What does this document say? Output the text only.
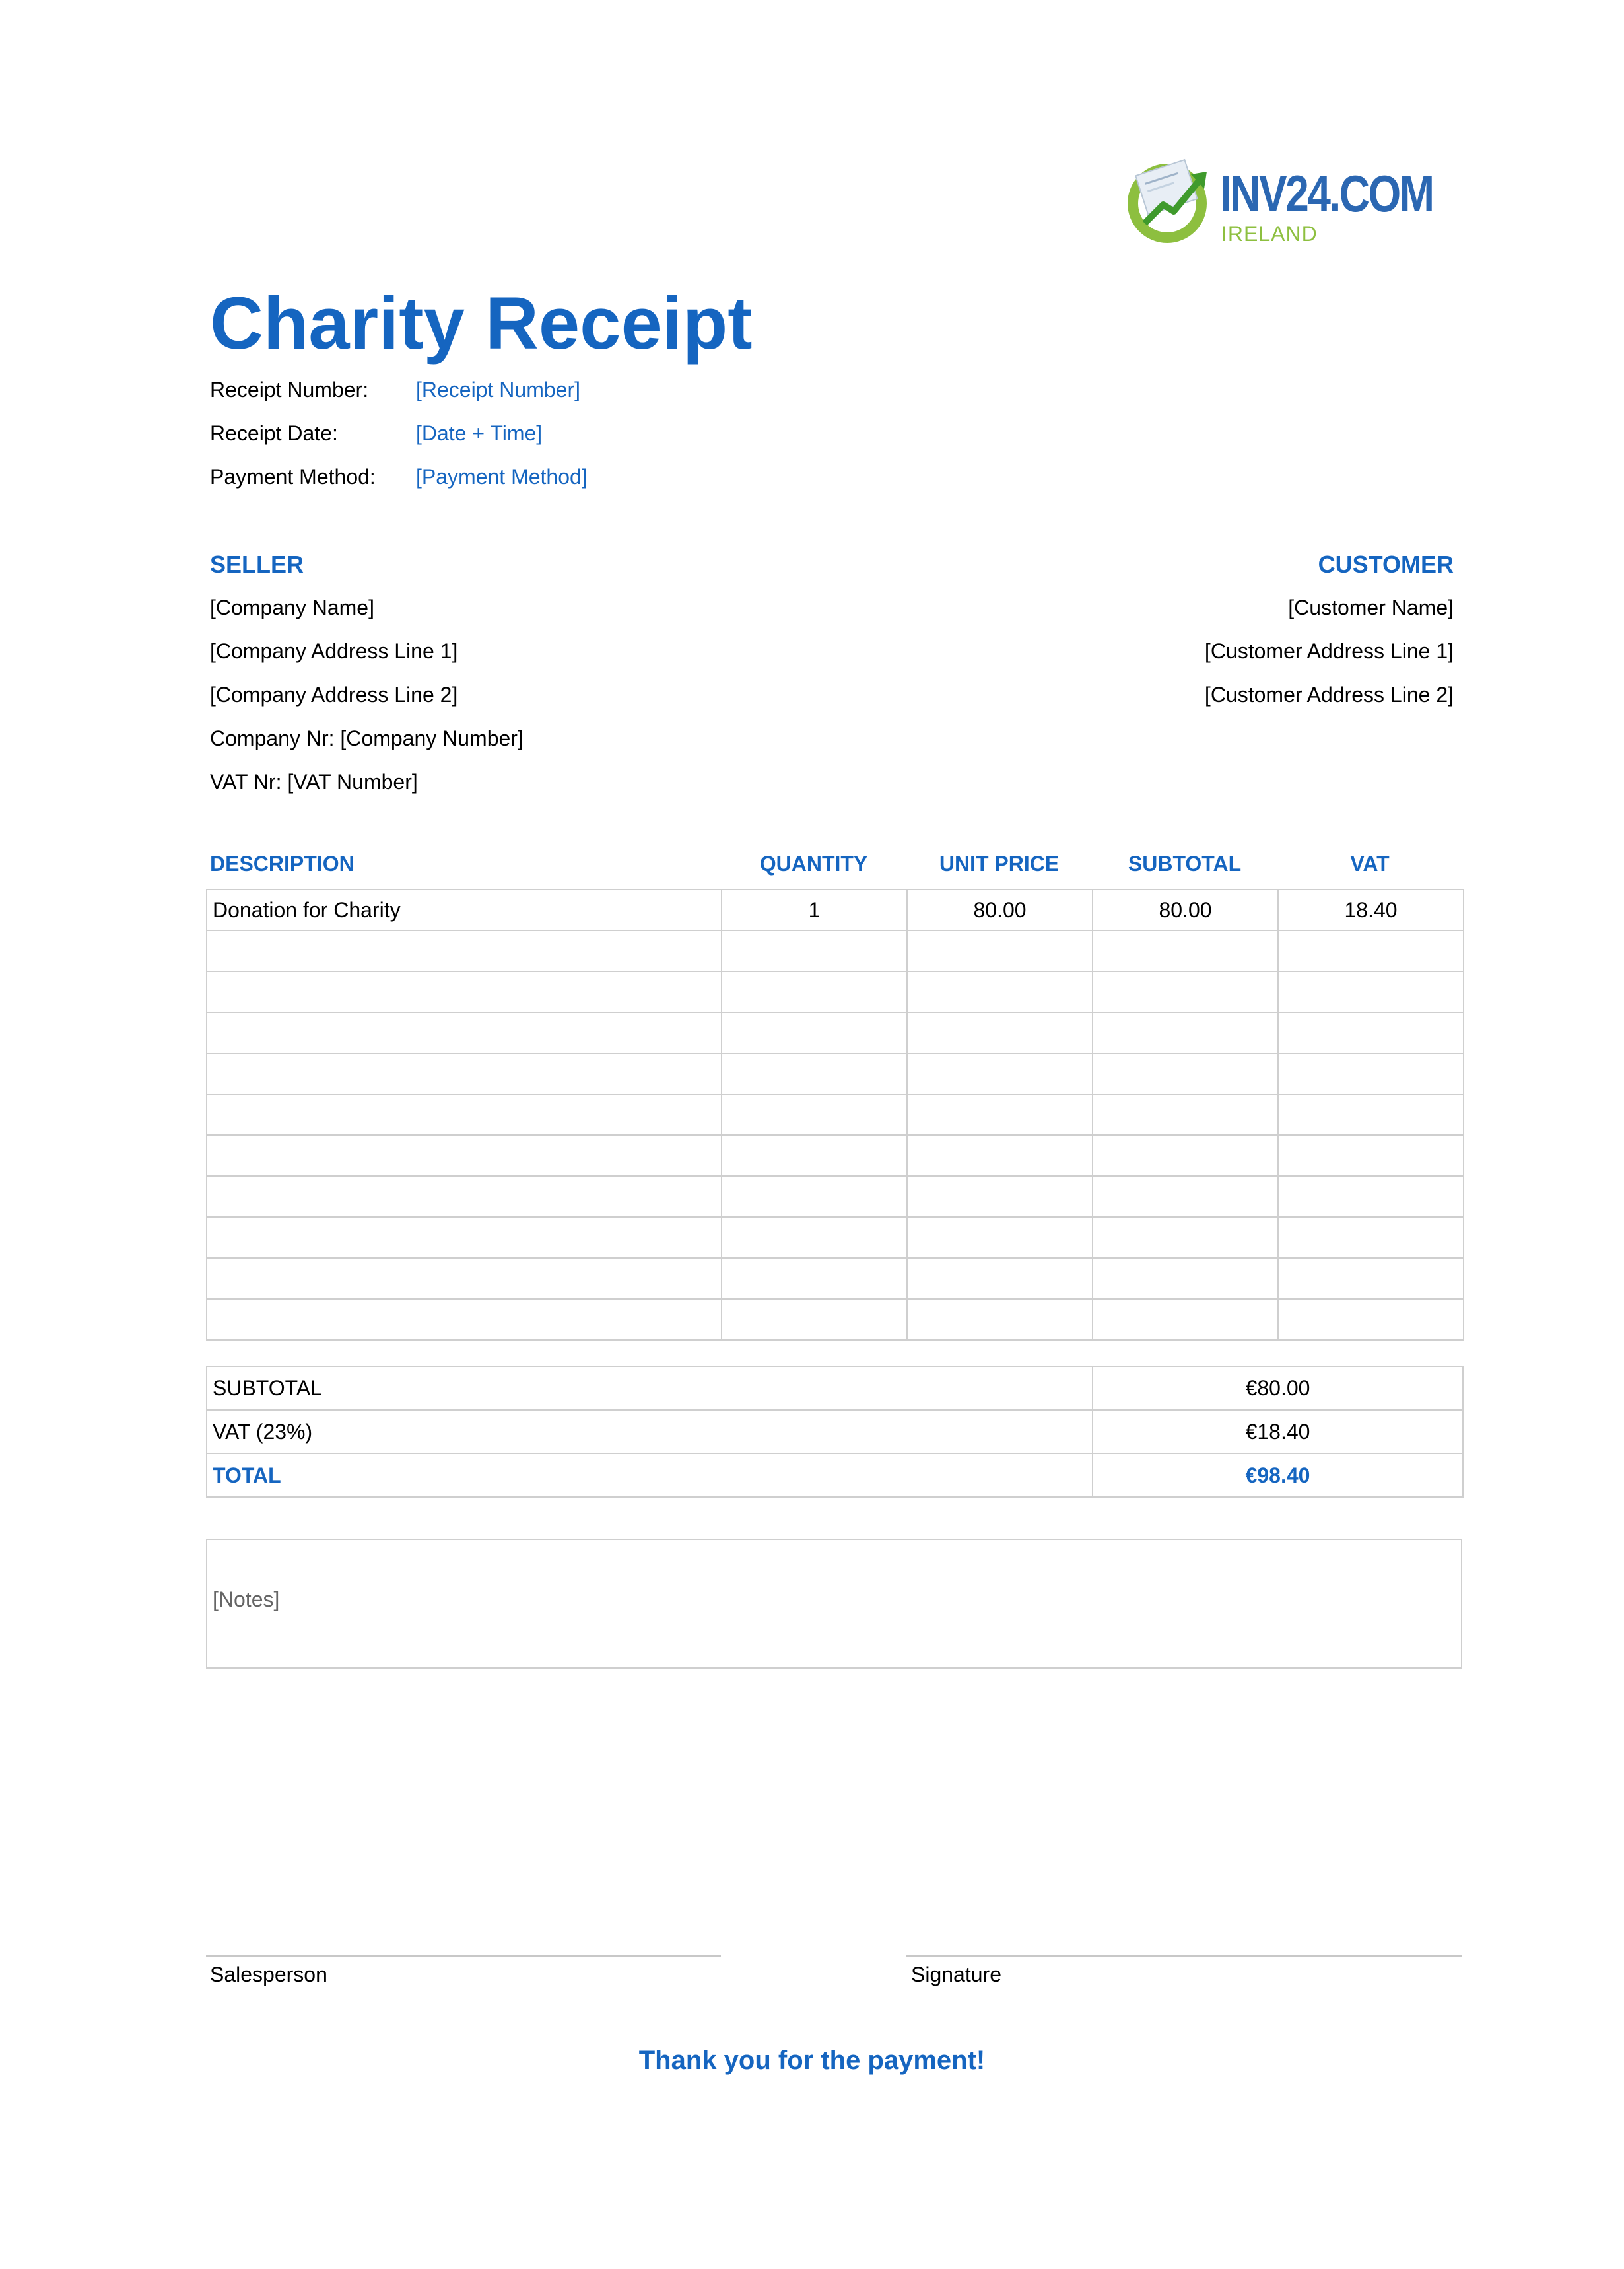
INV24.COM
IRELAND
Charity Receipt
Receipt Number: [Receipt Number]
Receipt Date:	[Date + Time]
Payment Method: [Payment Method]
SELLER
[Company Name]
[Company Address Line 1]
[Company Address Line 2]
Company Nr: [Company Number]
VAT Nr: [VAT Number]
CUSTOMER
[Customer Name]
[Customer Address Line 1]
[Customer Address Line 2]
DESCRIPTION	QUANTITY	UNIT PRICE	SUBTOTAL	VAT
Donation for Charity	1	80.00	80.00	18.40

SUBTOTAL	€80.00
VAT (23%)	€18.40
TOTAL	€98.40
[Notes]
Salesperson	Signature
Thank you for the payment!
